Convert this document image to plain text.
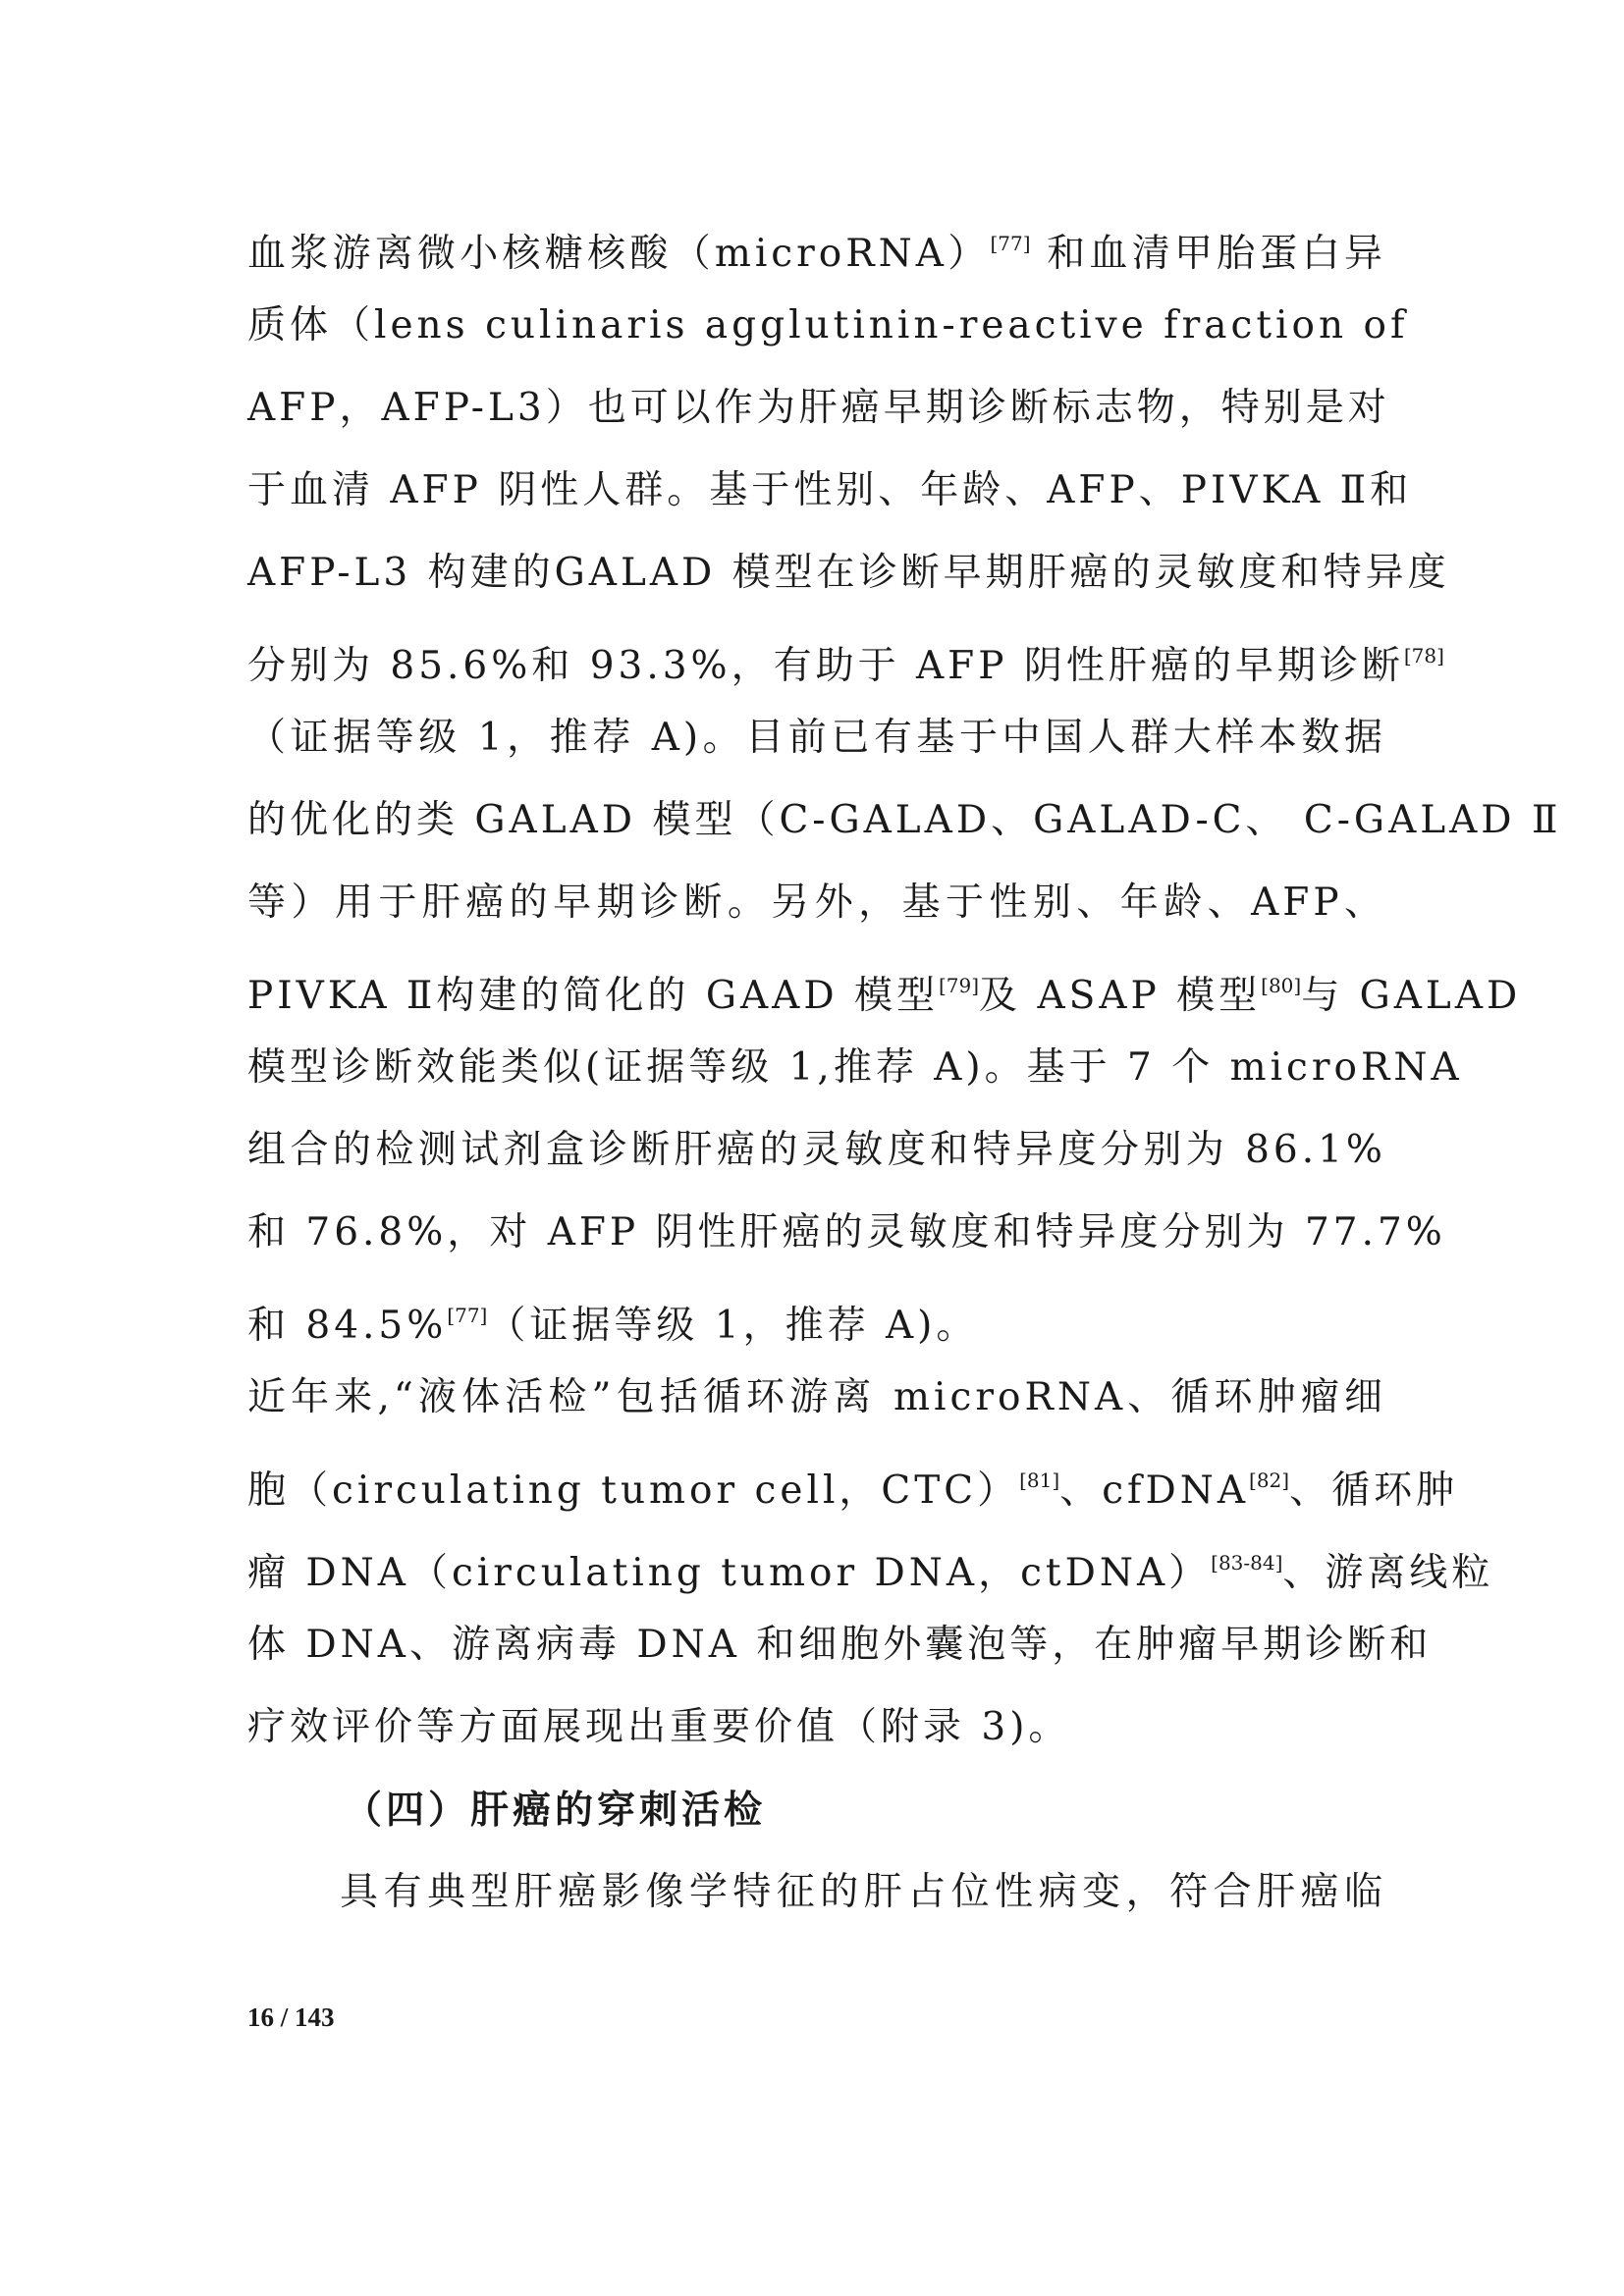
血浆游离微小核糖核酸（microRNA）[77] 和血清甲胎蛋白异
质体（lens culinaris agglutinin-reactive fraction of
AFP，AFP-L3）也可以作为肝癌早期诊断标志物，特别是对
于血清 AFP 阴性人群。基于性别、年龄、AFP、PIVKA Ⅱ和
AFP-L3 构建的GALAD 模型在诊断早期肝癌的灵敏度和特异度
分别为 85.6%和 93.3%，有助于 AFP 阴性肝癌的早期诊断[78]
（证据等级 1，推荐 A)。目前已有基于中国人群大样本数据
的优化的类 GALAD 模型（C-GALAD、GALAD-C、 C-GALAD Ⅱ
等）用于肝癌的早期诊断。另外，基于性别、年龄、AFP、
PIVKA Ⅱ构建的简化的 GAAD 模型[79]及 ASAP 模型[80]与 GALAD
模型诊断效能类似(证据等级 1,推荐 A)。基于 7 个 microRNA
组合的检测试剂盒诊断肝癌的灵敏度和特异度分别为 86.1%
和 76.8%，对 AFP 阴性肝癌的灵敏度和特异度分别为 77.7%
和 84.5%[77]（证据等级 1，推荐 A)。
近年来,“液体活检”包括循环游离 microRNA、循环肿瘤细
胞（circulating tumor cell，CTC）[81]、cfDNA[82]、循环肿
瘤 DNA（circulating tumor DNA，ctDNA）[83-84]、游离线粒
体 DNA、游离病毒 DNA 和细胞外囊泡等，在肿瘤早期诊断和
疗效评价等方面展现出重要价值（附录 3)。
（四）肝癌的穿刺活检
具有典型肝癌影像学特征的肝占位性病变，符合肝癌临
16 / 143
